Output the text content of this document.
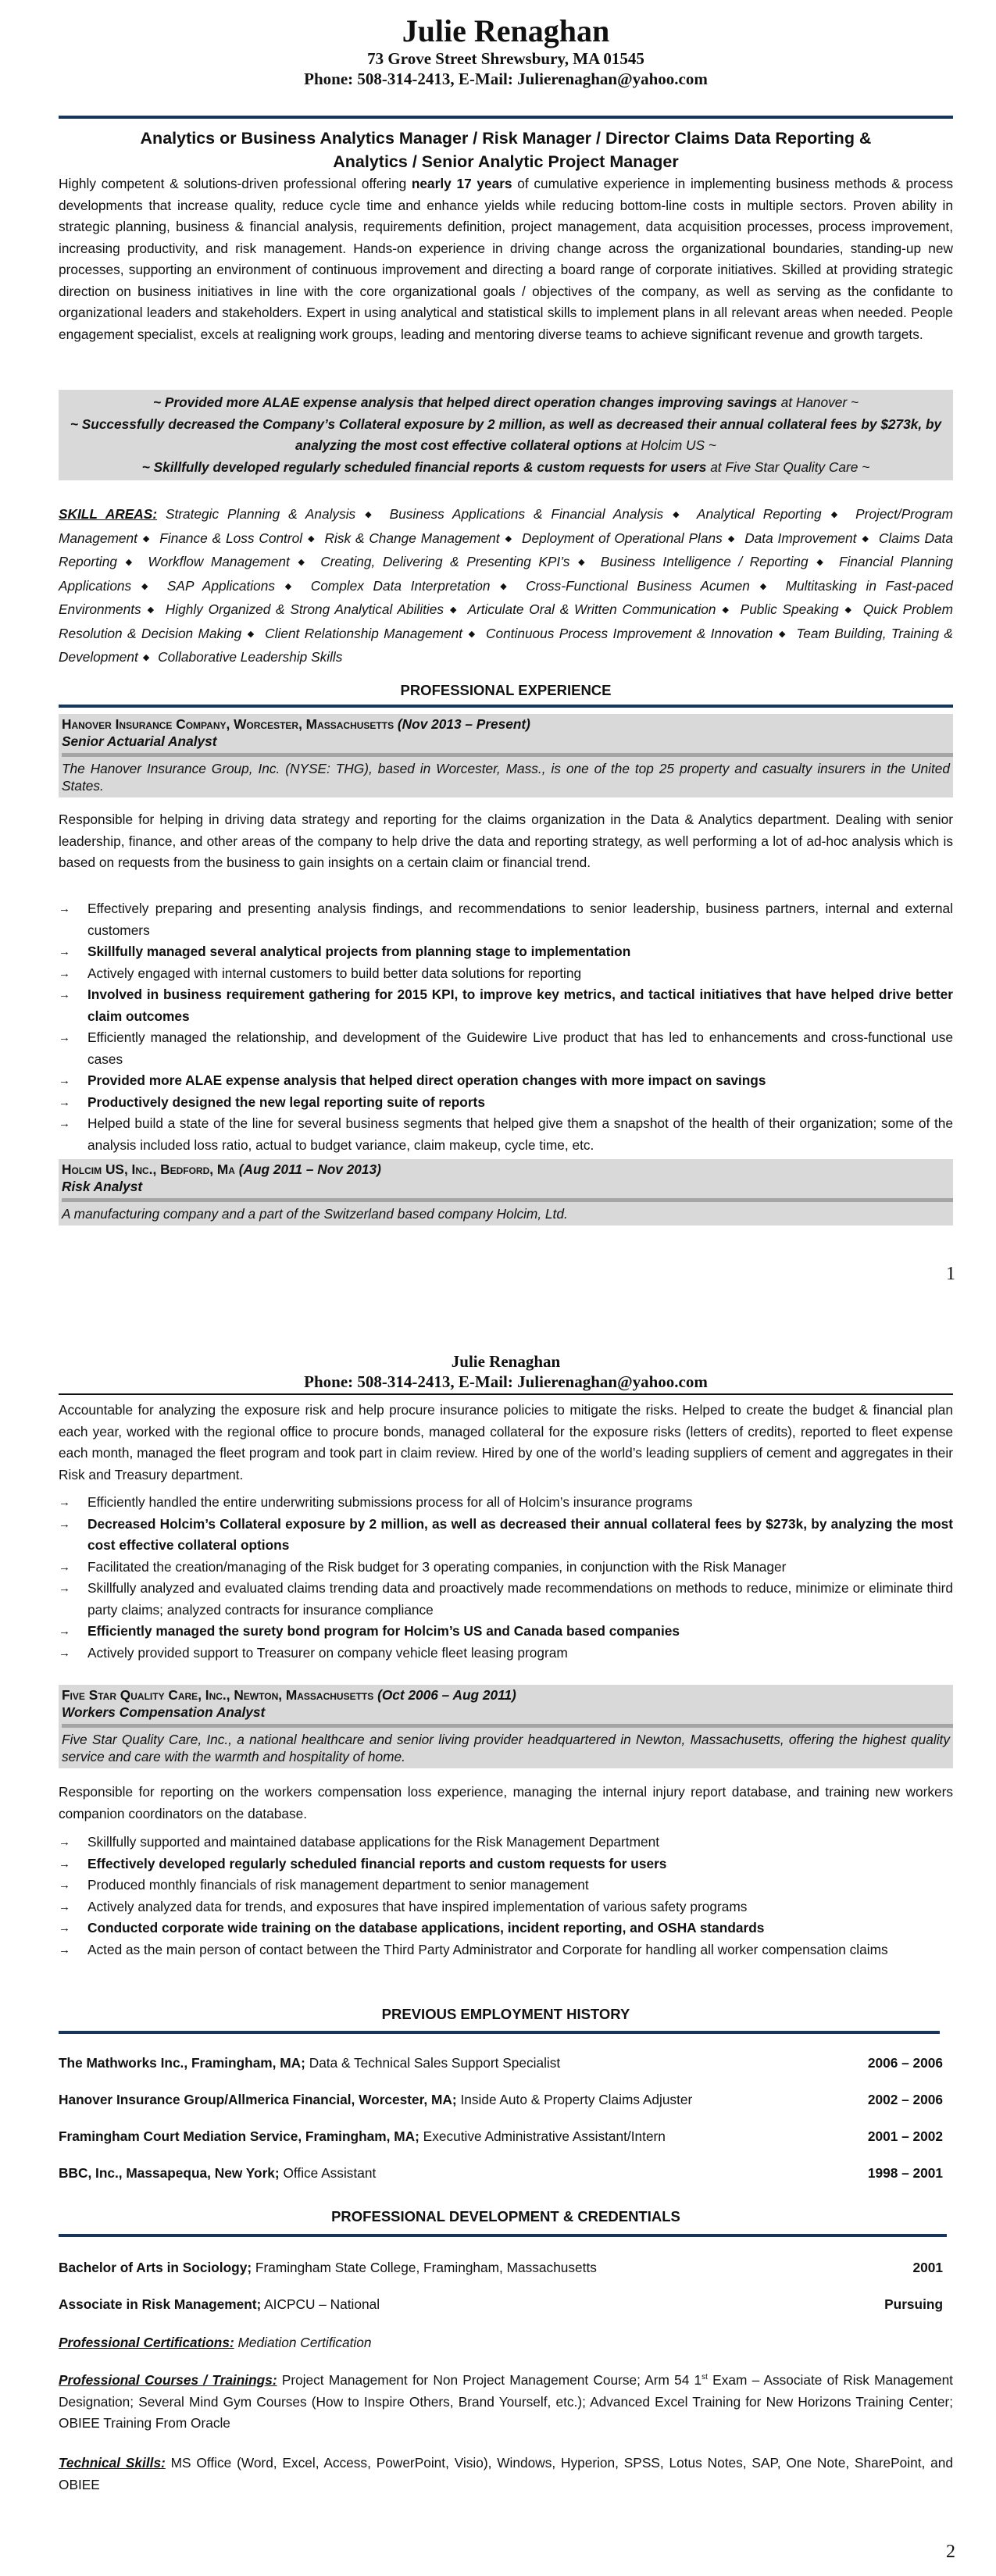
Julie Renaghan
73 Grove Street Shrewsbury, MA 01545
Phone: 508-314-2413, E-Mail: Julierenaghan@yahoo.com
Analytics or Business Analytics Manager / Risk Manager / Director Claims Data Reporting &
Analytics / Senior Analytic Project Manager

Highly competent & solutions-driven professional offering nearly 17 years of cumulative experience in implementing business methods & process developments that increase quality, reduce cycle time and enhance yields while reducing bottom-line costs in multiple sectors. Proven ability in strategic planning, business & financial analysis, requirements definition, project management, data acquisition processes, process improvement, increasing productivity, and risk management. Hands-on experience in driving change across the organizational boundaries, standing-up new processes, supporting an environment of continuous improvement and directing a board range of corporate initiatives. Skilled at providing strategic direction on business initiatives in line with the core organizational goals / objectives of the company, as well as serving as the confidante to organizational leaders and stakeholders. Expert in using analytical and statistical skills to implement plans in all relevant areas when needed. People engagement specialist, excels at realigning work groups, leading and mentoring diverse teams to achieve significant revenue and growth targets.

~ Provided more ALAE expense analysis that helped direct operation changes improving savings at Hanover ~
~ Successfully decreased the Company’s Collateral exposure by 2 million, as well as decreased their annual collateral fees by $273k, by analyzing the most cost effective collateral options at Holcim US ~
~ Skillfully developed regularly scheduled financial reports & custom requests for users at Five Star Quality Care ~
SKILL AREAS: Strategic Planning & Analysis ◆ Business Applications & Financial Analysis ◆ Analytical Reporting ◆ Project/Program Management ◆ Finance & Loss Control ◆ Risk & Change Management ◆ Deployment of Operational Plans ◆ Data Improvement ◆ Claims Data Reporting ◆ Workflow Management ◆ Creating, Delivering & Presenting KPI’s ◆ Business Intelligence / Reporting ◆ Financial Planning Applications ◆ SAP Applications ◆ Complex Data Interpretation ◆ Cross-Functional Business Acumen ◆ Multitasking in Fast-paced Environments ◆ Highly Organized & Strong Analytical Abilities ◆ Articulate Oral & Written Communication ◆ Public Speaking ◆ Quick Problem Resolution & Decision Making ◆ Client Relationship Management ◆ Continuous Process Improvement & Innovation ◆ Team Building, Training & Development ◆ Collaborative Leadership Skills
PROFESSIONAL EXPERIENCE
Hanover Insurance Company, Worcester, Massachusetts (Nov 2013 – Present)
Senior Actuarial Analyst
The Hanover Insurance Group, Inc. (NYSE: THG), based in Worcester, Mass., is one of the top 25 property and casualty insurers in the United States.

Responsible for helping in driving data strategy and reporting for the claims organization in the Data & Analytics department. Dealing with senior leadership, finance, and other areas of the company to help drive the data and reporting strategy, as well performing a lot of ad-hoc analysis which is based on requests from the business to gain insights on a certain claim or financial trend.

→ Effectively preparing and presenting analysis findings, and recommendations to senior leadership, business partners, internal and external customers
→ Skillfully managed several analytical projects from planning stage to implementation
→ Actively engaged with internal customers to build better data solutions for reporting
→ Involved in business requirement gathering for 2015 KPI, to improve key metrics, and tactical initiatives that have helped drive better claim outcomes
→ Efficiently managed the relationship, and development of the Guidewire Live product that has led to enhancements and cross-functional use cases
→ Provided more ALAE expense analysis that helped direct operation changes with more impact on savings
→ Productively designed the new legal reporting suite of reports
→ Helped build a state of the line for several business segments that helped give them a snapshot of the health of their organization; some of the analysis included loss ratio, actual to budget variance, claim makeup, cycle time, etc.
Holcim US, Inc., Bedford, Ma (Aug 2011 – Nov 2013)
Risk Analyst
A manufacturing company and a part of the Switzerland based company Holcim, Ltd.
1
Julie Renaghan
Phone: 508-314-2413, E-Mail: Julierenaghan@yahoo.com

Accountable for analyzing the exposure risk and help procure insurance policies to mitigate the risks. Helped to create the budget & financial plan each year, worked with the regional office to procure bonds, managed collateral for the exposure risks (letters of credits), reported to fleet expense each month, managed the fleet program and took part in claim review. Hired by one of the world’s leading suppliers of cement and aggregates in their Risk and Treasury department.

→ Efficiently handled the entire underwriting submissions process for all of Holcim’s insurance programs
→ Decreased Holcim’s Collateral exposure by 2 million, as well as decreased their annual collateral fees by $273k, by analyzing the most cost effective collateral options
→ Facilitated the creation/managing of the Risk budget for 3 operating companies, in conjunction with the Risk Manager
→ Skillfully analyzed and evaluated claims trending data and proactively made recommendations on methods to reduce, minimize or eliminate third party claims; analyzed contracts for insurance compliance
→ Efficiently managed the surety bond program for Holcim’s US and Canada based companies
→ Actively provided support to Treasurer on company vehicle fleet leasing program
Five Star Quality Care, Inc., Newton, Massachusetts (Oct 2006 – Aug 2011)
Workers Compensation Analyst
Five Star Quality Care, Inc., a national healthcare and senior living provider headquartered in Newton, Massachusetts, offering the highest quality service and care with the warmth and hospitality of home.

Responsible for reporting on the workers compensation loss experience, managing the internal injury report database, and training new workers companion coordinators on the database.

→ Skillfully supported and maintained database applications for the Risk Management Department
→ Effectively developed regularly scheduled financial reports and custom requests for users
→ Produced monthly financials of risk management department to senior management
→ Actively analyzed data for trends, and exposures that have inspired implementation of various safety programs
→ Conducted corporate wide training on the database applications, incident reporting, and OSHA standards
→ Acted as the main person of contact between the Third Party Administrator and Corporate for handling all worker compensation claims
PREVIOUS EMPLOYMENT HISTORY
The Mathworks Inc., Framingham, MA; Data & Technical Sales Support Specialist	2006 – 2006
Hanover Insurance Group/Allmerica Financial, Worcester, MA; Inside Auto & Property Claims Adjuster	2002 – 2006
Framingham Court Mediation Service, Framingham, MA; Executive Administrative Assistant/Intern	2001 – 2002
BBC, Inc., Massapequa, New York; Office Assistant	1998 – 2001
PROFESSIONAL DEVELOPMENT & CREDENTIALS
Bachelor of Arts in Sociology; Framingham State College, Framingham, Massachusetts	2001
Associate in Risk Management; AICPCU – National	Pursuing

Professional Certifications: Mediation Certification

Professional Courses / Trainings: Project Management for Non Project Management Course; Arm 54 1st Exam – Associate of Risk Management Designation; Several Mind Gym Courses (How to Inspire Others, Brand Yourself, etc.); Advanced Excel Training for New Horizons Training Center; OBIEE Training From Oracle

Technical Skills: MS Office (Word, Excel, Access, PowerPoint, Visio), Windows, Hyperion, SPSS, Lotus Notes, SAP, One Note, SharePoint, and OBIEE

2
